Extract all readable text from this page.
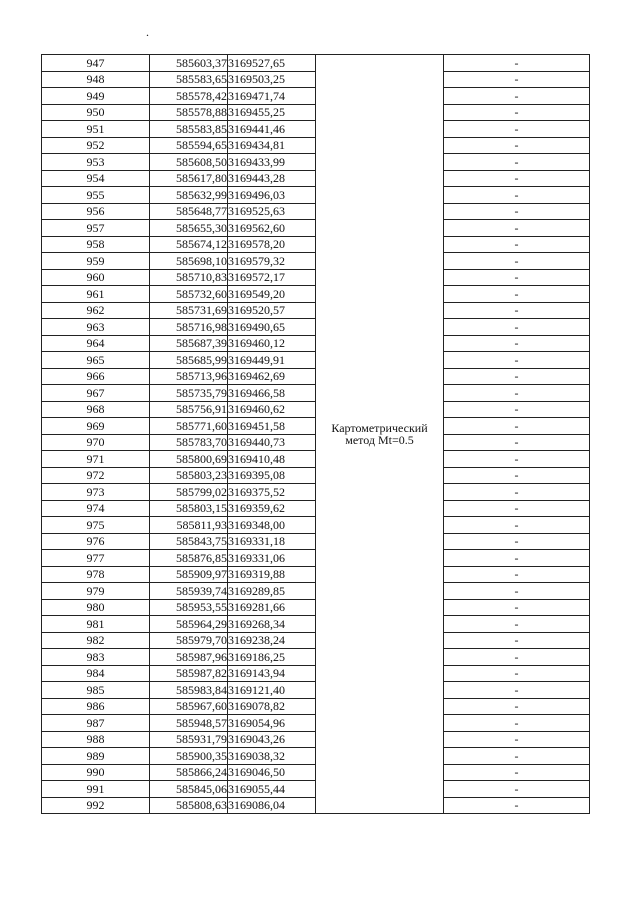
.
947	585603,37	3169527,65	Картометрический
метод Mt=0.5	-
948	585583,65	3169503,25		-
949	585578,42	3169471,74		-
950	585578,88	3169455,25		-
951	585583,85	3169441,46		-
952	585594,65	3169434,81		-
953	585608,50	3169433,99		-
954	585617,80	3169443,28		-
955	585632,99	3169496,03		-
956	585648,77	3169525,63		-
957	585655,30	3169562,60		-
958	585674,12	3169578,20		-
959	585698,10	3169579,32		-
960	585710,83	3169572,17		-
961	585732,60	3169549,20		-
962	585731,69	3169520,57		-
963	585716,98	3169490,65		-
964	585687,39	3169460,12		-
965	585685,99	3169449,91		-
966	585713,96	3169462,69		-
967	585735,79	3169466,58		-
968	585756,91	3169460,62		-
969	585771,60	3169451,58		-
970	585783,70	3169440,73		-
971	585800,69	3169410,48		-
972	585803,23	3169395,08		-
973	585799,02	3169375,52		-
974	585803,15	3169359,62		-
975	585811,93	3169348,00		-
976	585843,75	3169331,18		-
977	585876,85	3169331,06		-
978	585909,97	3169319,88		-
979	585939,74	3169289,85		-
980	585953,55	3169281,66		-
981	585964,29	3169268,34		-
982	585979,70	3169238,24		-
983	585987,96	3169186,25		-
984	585987,82	3169143,94		-
985	585983,84	3169121,40		-
986	585967,60	3169078,82		-
987	585948,57	3169054,96		-
988	585931,79	3169043,26		-
989	585900,35	3169038,32		-
990	585866,24	3169046,50		-
991	585845,06	3169055,44		-
992	585808,63	3169086,04		-
